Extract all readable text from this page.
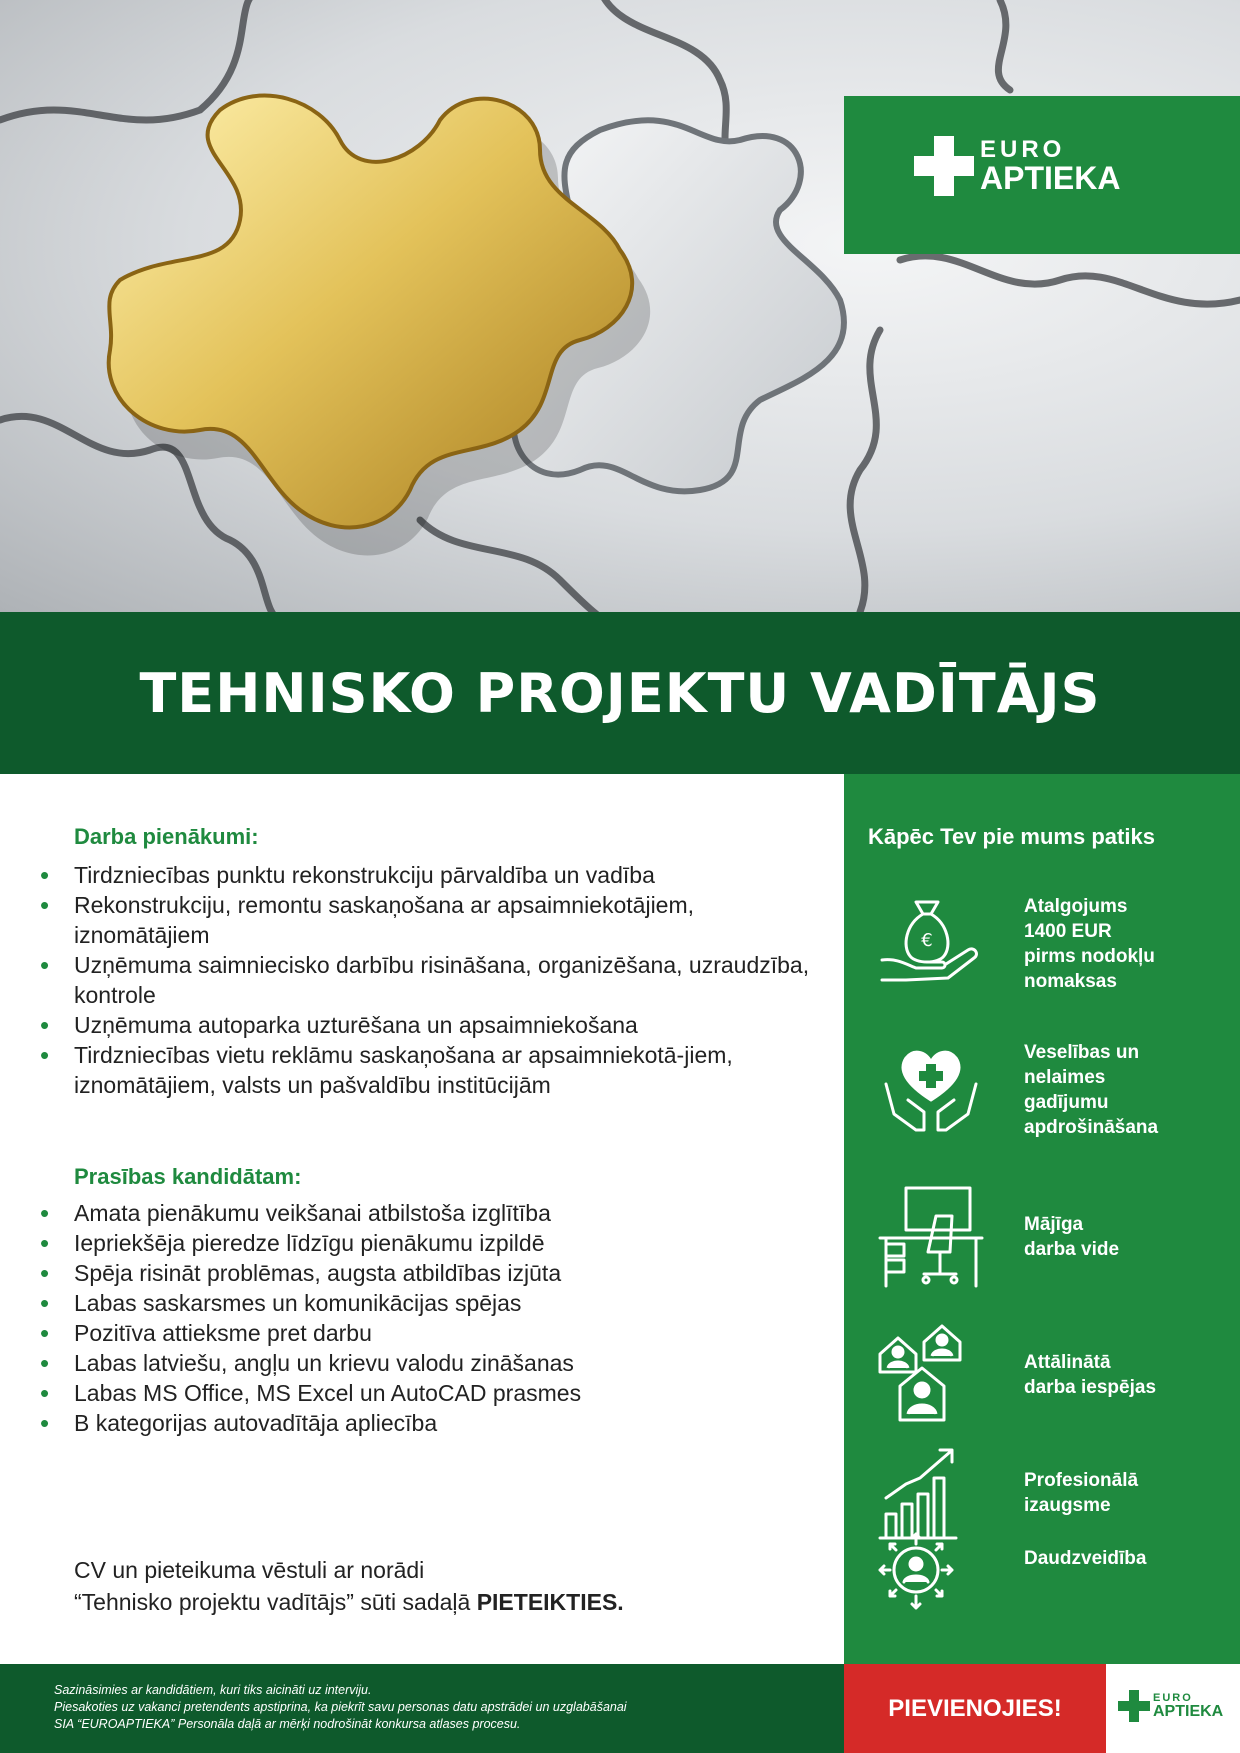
EURO
APTIEKA
TEHNISKO PROJEKTU VADĪTĀJS
Darba pienākumi:
• Tirdzniecības punktu rekonstrukciju pārvaldība un vadība
• Rekonstrukciju, remontu saskaņošana ar apsaimniekotājiem, iznomātājiem
• Uzņēmuma saimniecisko darbību risināšana, organizēšana, uzraudzība, kontrole
• Uzņēmuma autoparka uzturēšana un apsaimniekošana
• Tirdzniecības vietu reklāmu saskaņošana ar apsaimniekotā-jiem, iznomātājiem, valsts un pašvaldību institūcijām
Prasības kandidātam:
• Amata pienākumu veikšanai atbilstoša izglītība
• Iepriekšēja pieredze līdzīgu pienākumu izpildē
• Spēja risināt problēmas, augsta atbildības izjūta
• Labas saskarsmes un komunikācijas spējas
• Pozitīva attieksme pret darbu
• Labas latviešu, angļu un krievu valodu zināšanas
• Labas MS Office, MS Excel un AutoCAD prasmes
• B kategorijas autovadītāja apliecība
CV un pieteikuma vēstuli ar norādi
“Tehnisko projektu vadītājs” sūti sadaļā PIETEIKTIES.
Kāpēc Tev pie mums patiks
€
Atalgojums
1400 EUR
pirms nodokļu
nomaksas
Veselības un
nelaimes
gadījumu
apdrošināšana
Mājīga
darba vide
Attālinātā
darba iespējas
Profesionālā
izaugsme
Daudzveidība
Sazināsimies ar kandidātiem, kuri tiks aicināti uz interviju.
Piesakoties uz vakanci pretendents apstiprina, ka piekrīt savu personas datu apstrādei un uzglabāšanai
SIA “EUROAPTIEKA” Personāla daļā ar mērķi nodrošināt konkursa atlases procesu.
PIEVIENOJIES!	EURO
APTIEKA
